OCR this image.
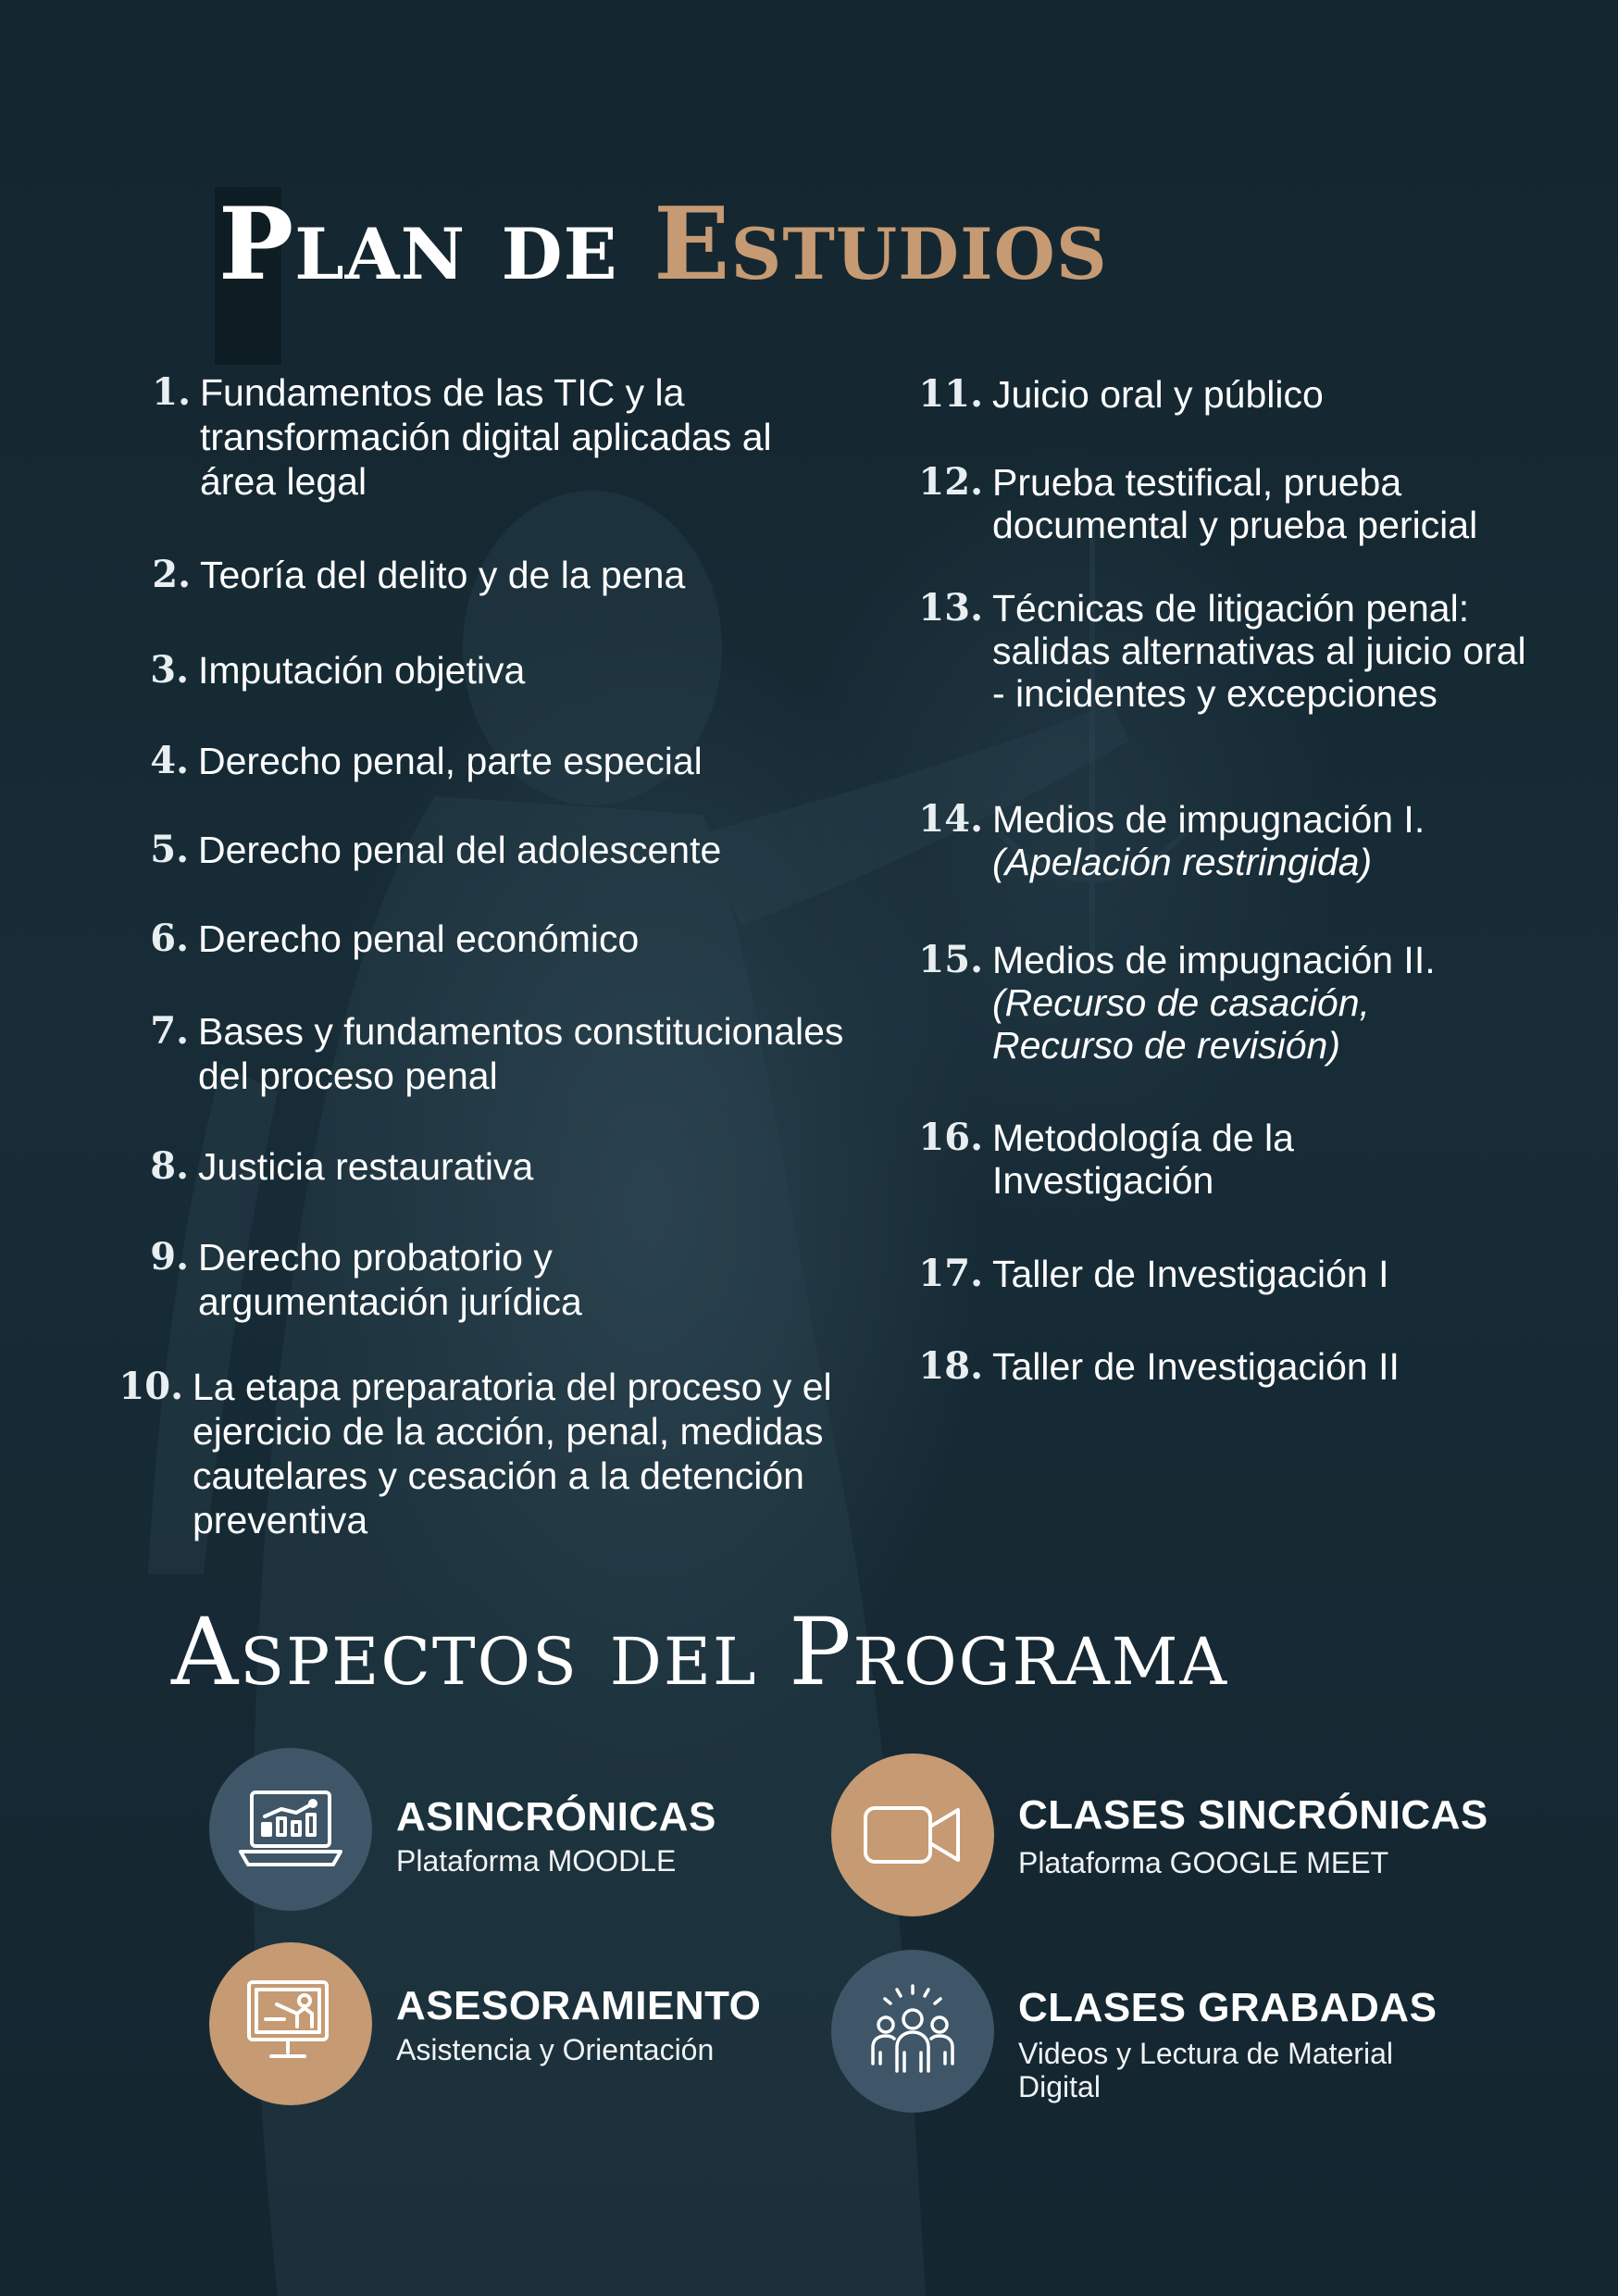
Plan de Estudios
1. Fundamentos de las TIC y la transformación digital aplicadas al área legal
2. Teoría del delito y de la pena
3. Imputación objetiva
4. Derecho penal, parte especial
5. Derecho penal del adolescente
6. Derecho penal económico
7. Bases y fundamentos constitucionales del proceso penal
8. Justicia restaurativa
9. Derecho probatorio y argumentación jurídica
10. La etapa preparatoria del proceso y el ejercicio de la acción, penal, medidas cautelares y cesación a la detención preventiva
11. Juicio oral y público
12. Prueba testifical, prueba documental y prueba pericial
13. Técnicas de litigación penal: salidas alternativas al juicio oral - incidentes y excepciones
14. Medios de impugnación I.
(Apelación restringida)
15. Medios de impugnación II.
(Recurso de casación, Recurso de revisión)
16. Metodología de la Investigación
17. Taller de Investigación I
18. Taller de Investigación II
Aspectos del Programa
ASINCRÓNICAS
Plataforma MOODLE
CLASES SINCRÓNICAS
Plataforma GOOGLE MEET
ASESORAMIENTO
Asistencia y Orientación
CLASES GRABADAS
Videos y Lectura de Material Digital
